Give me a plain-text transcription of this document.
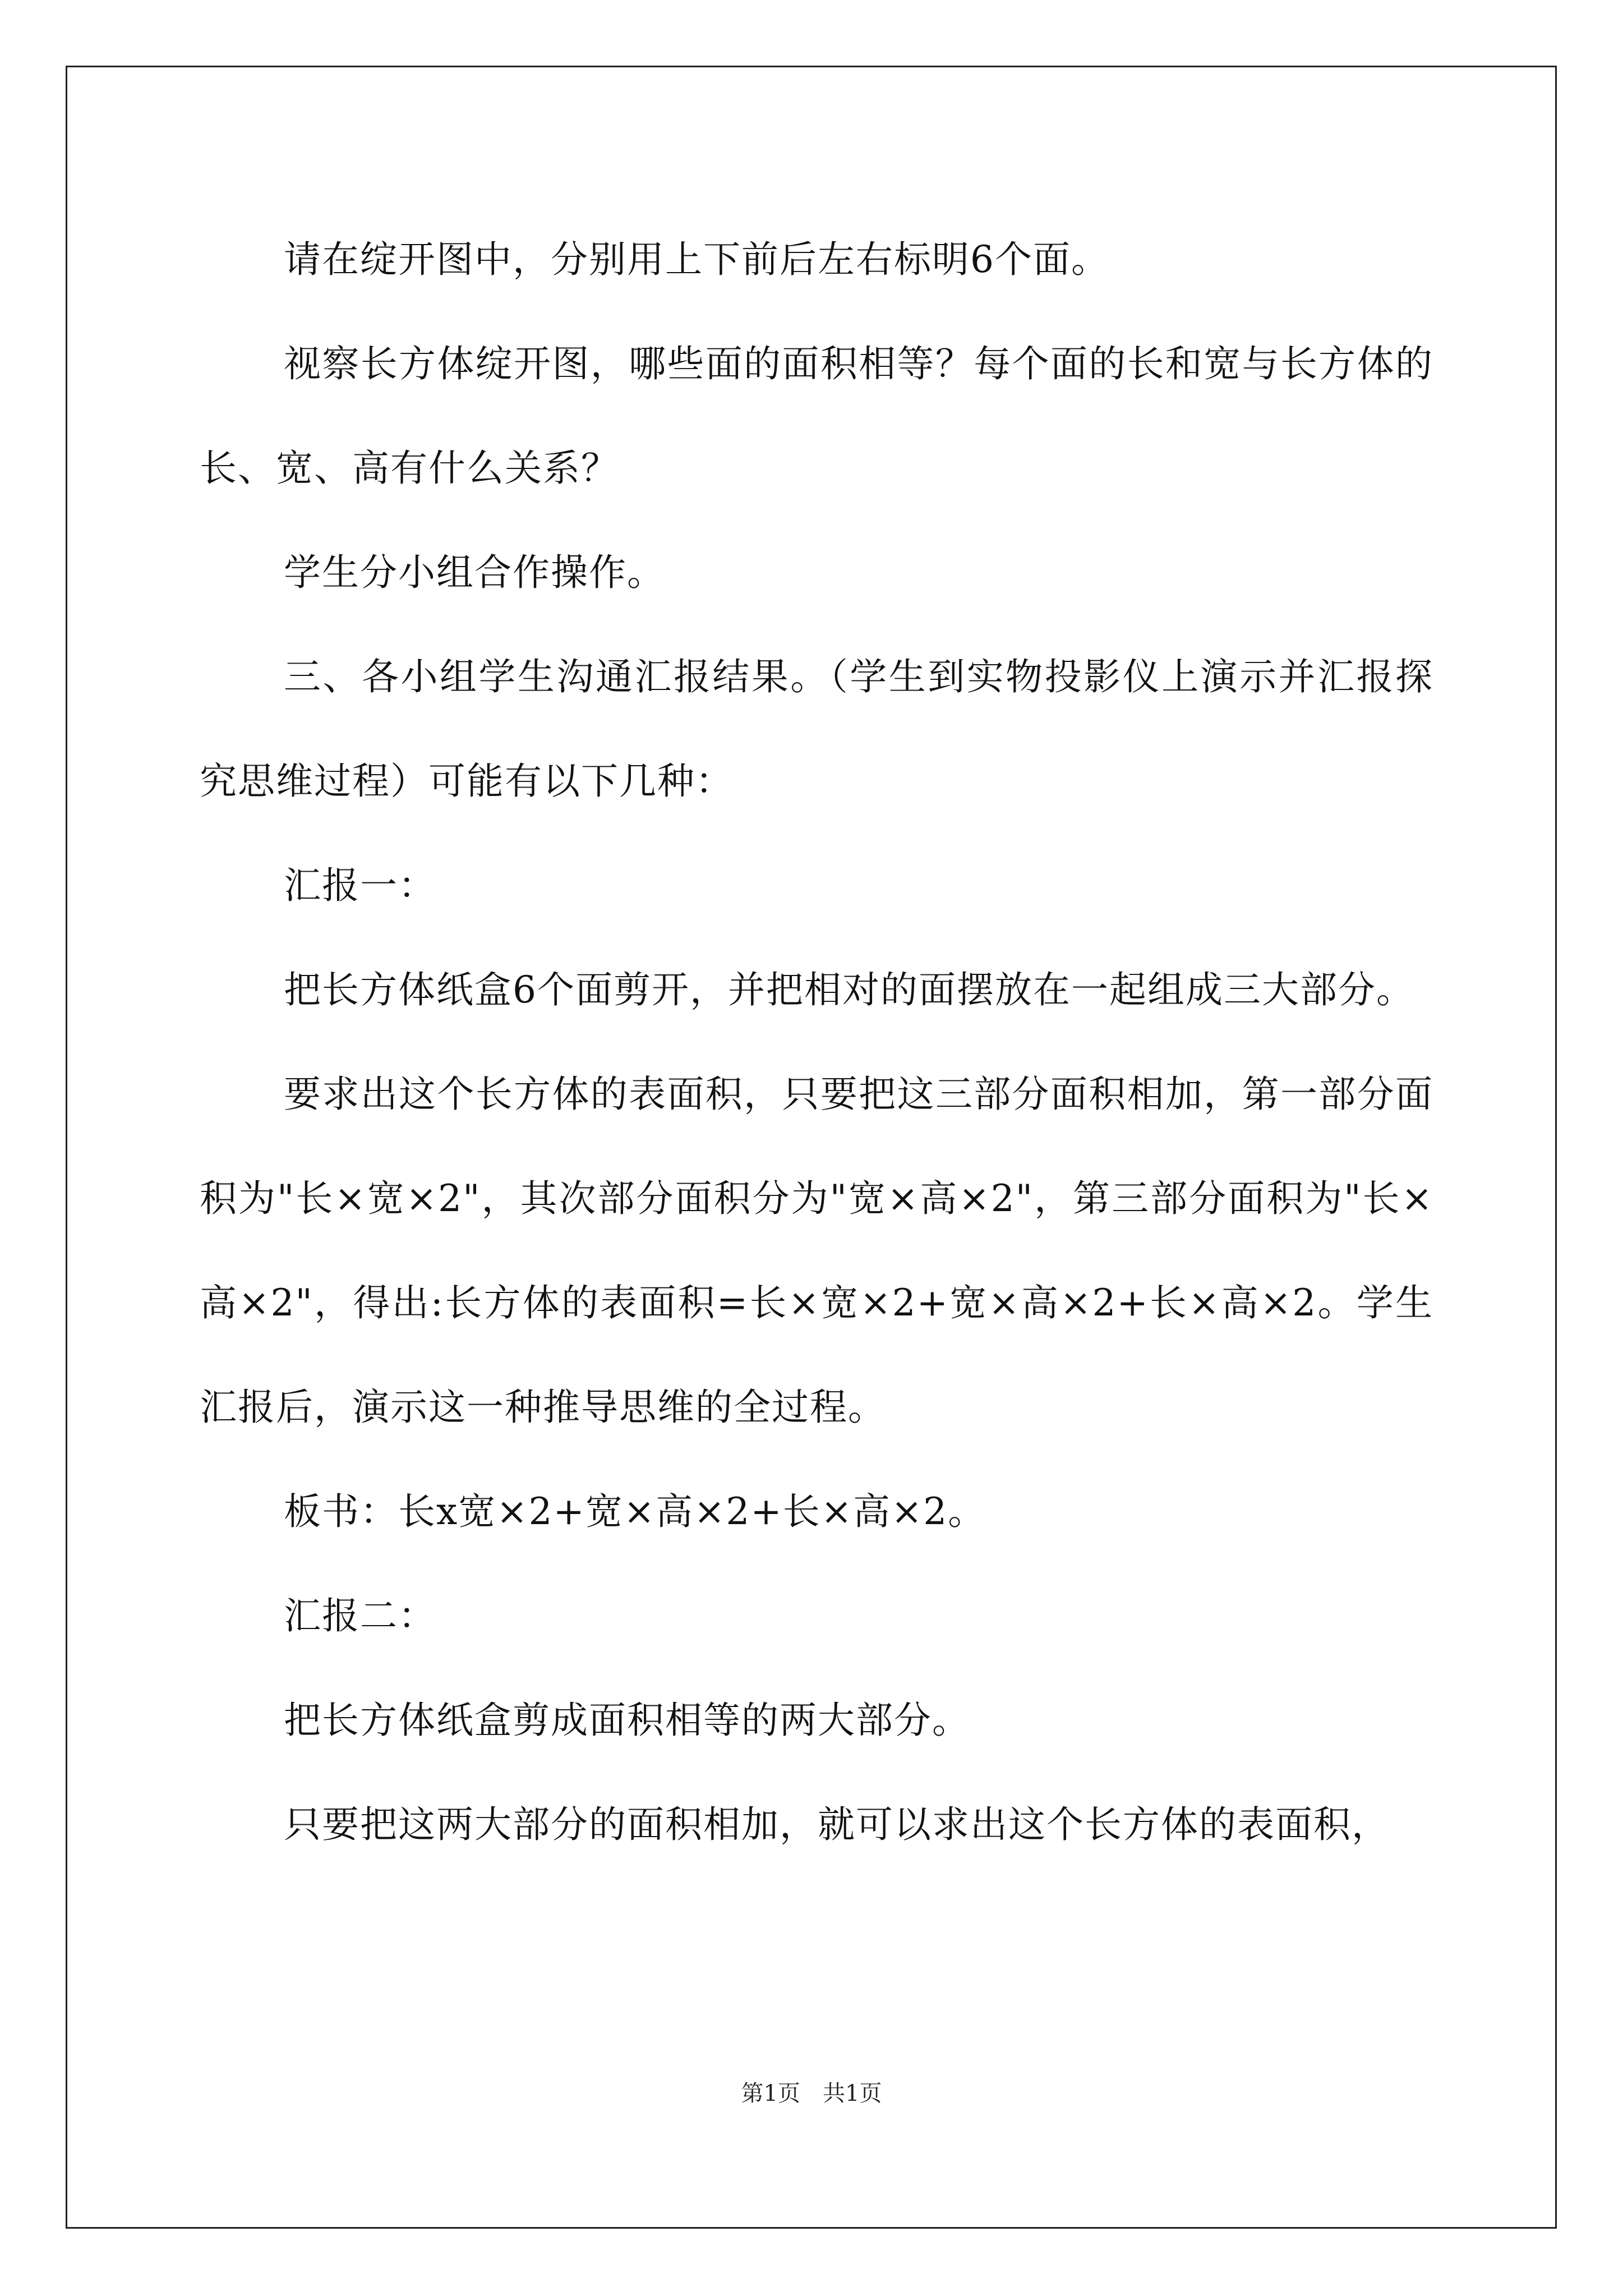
请在绽开图中，分别用上下前后左右标明6个面。

视察长方体绽开图，哪些面的面积相等？每个面的长和宽与长方体的长、宽、高有什么关系？

学生分小组合作操作。

三、各小组学生沟通汇报结果。（学生到实物投影仪上演示并汇报探究思维过程）可能有以下几种：

汇报一：

把长方体纸盒6个面剪开，并把相对的面摆放在一起组成三大部分。

要求出这个长方体的表面积，只要把这三部分面积相加，第一部分面积为"长×宽×2"，其次部分面积分为"宽×高×2"，第三部分面积为"长×高×2"，得出:长方体的表面积=长×宽×2+宽×高×2+长×高×2。学生汇报后，演示这一种推导思维的全过程。

板书：长x宽×2+宽×高×2+长×高×2。

汇报二：

把长方体纸盒剪成面积相等的两大部分。

只要把这两大部分的面积相加，就可以求出这个长方体的表面积，

第1页　共1页
